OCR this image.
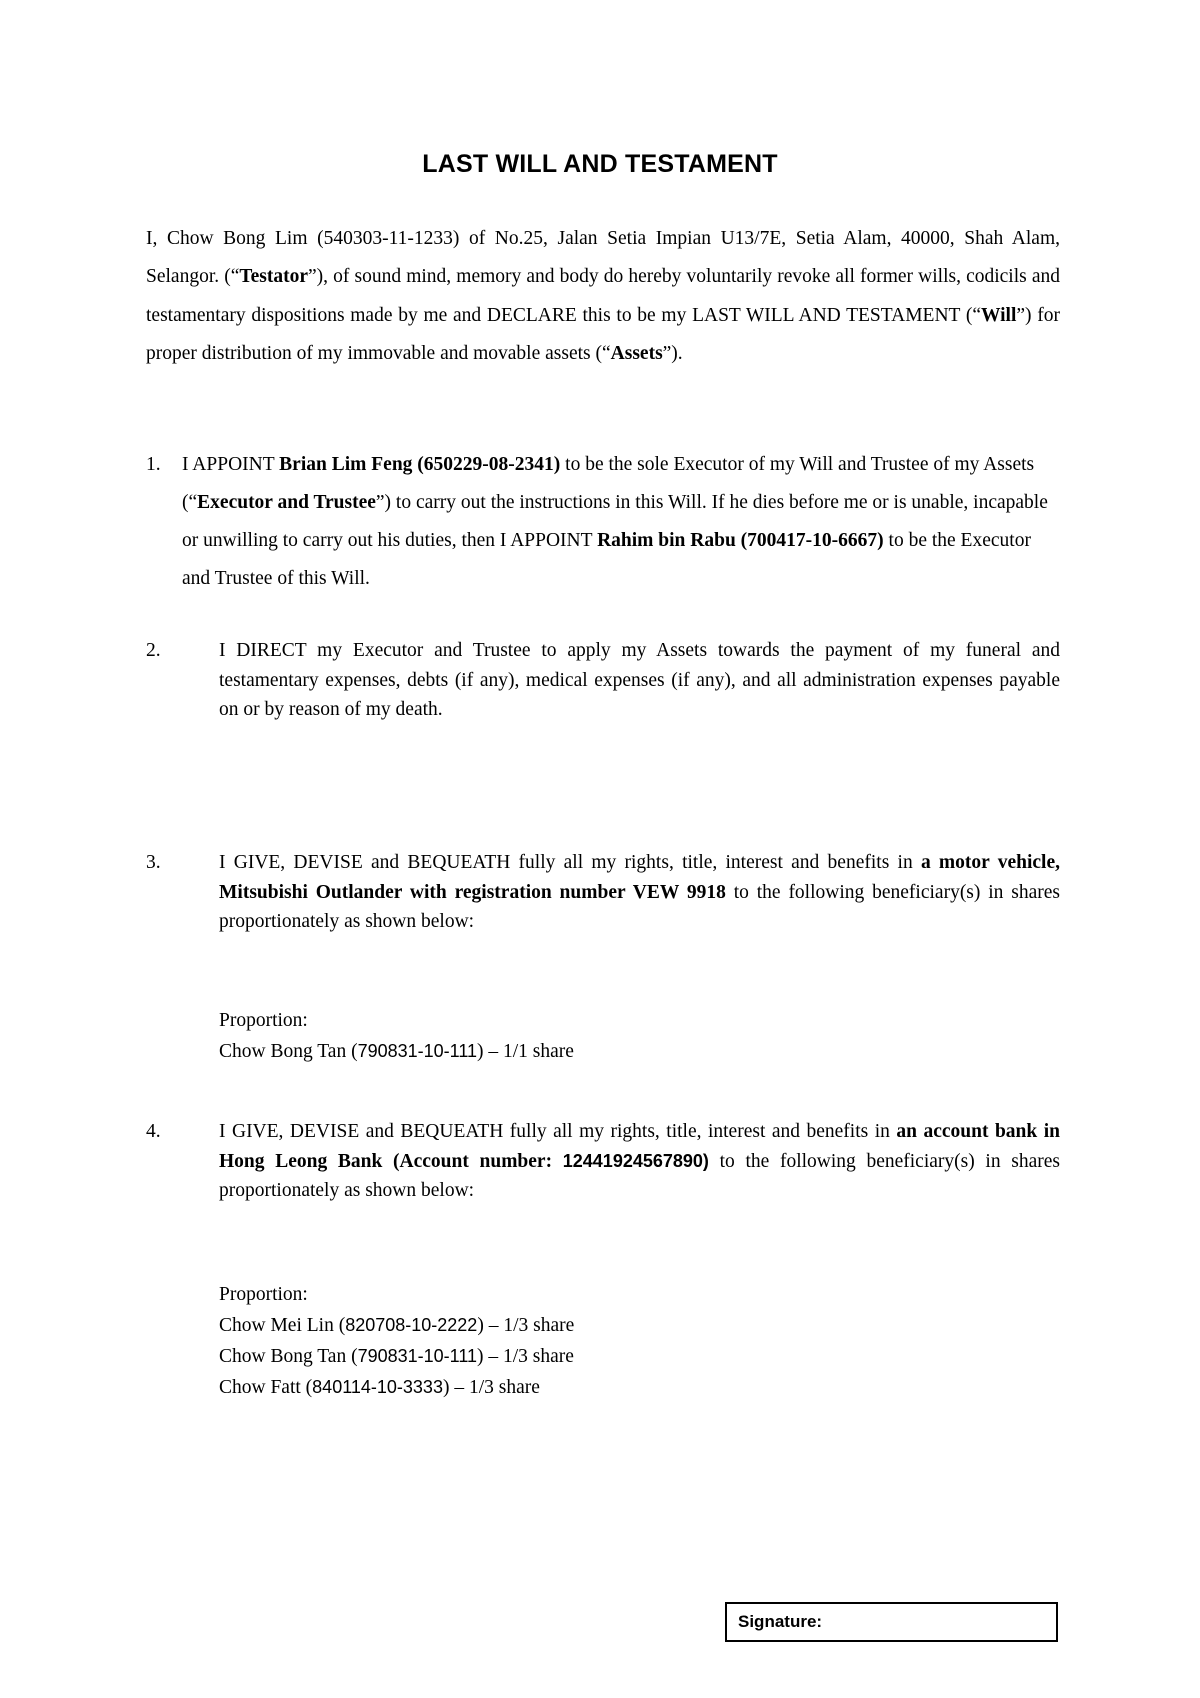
LAST WILL AND TESTAMENT
I, Chow Bong Lim (540303-11-1233) of No.25, Jalan Setia Impian U13/7E, Setia Alam, 40000, Shah Alam, Selangor. (“Testator”), of sound mind, memory and body do hereby voluntarily revoke all former wills, codicils and testamentary dispositions made by me and DECLARE this to be my LAST WILL AND TESTAMENT (“Will”) for proper distribution of my immovable and movable assets (“Assets”).
1. I APPOINT Brian Lim Feng (650229-08-2341) to be the sole Executor of my Will and Trustee of my Assets (“Executor and Trustee”) to carry out the instructions in this Will. If he dies before me or is unable, incapable or unwilling to carry out his duties, then I APPOINT Rahim bin Rabu (700417-10-6667) to be the Executor and Trustee of this Will.
2.	I DIRECT my Executor and Trustee to apply my Assets towards the payment of my funeral and testamentary expenses, debts (if any), medical expenses (if any), and all administration expenses payable on or by reason of my death.
3.	I GIVE, DEVISE and BEQUEATH fully all my rights, title, interest and benefits in a motor vehicle, Mitsubishi Outlander with registration number VEW 9918 to the following beneficiary(s) in shares proportionately as shown below:
Proportion:
Chow Bong Tan (790831-10-111) – 1/1 share
4.	I GIVE, DEVISE and BEQUEATH fully all my rights, title, interest and benefits in an account bank in Hong Leong Bank (Account number: 12441924567890) to the following beneficiary(s) in shares proportionately as shown below:
Proportion:
Chow Mei Lin (820708-10-2222) – 1/3 share
Chow Bong Tan (790831-10-111) – 1/3 share
Chow Fatt (840114-10-3333) – 1/3 share
Signature:
